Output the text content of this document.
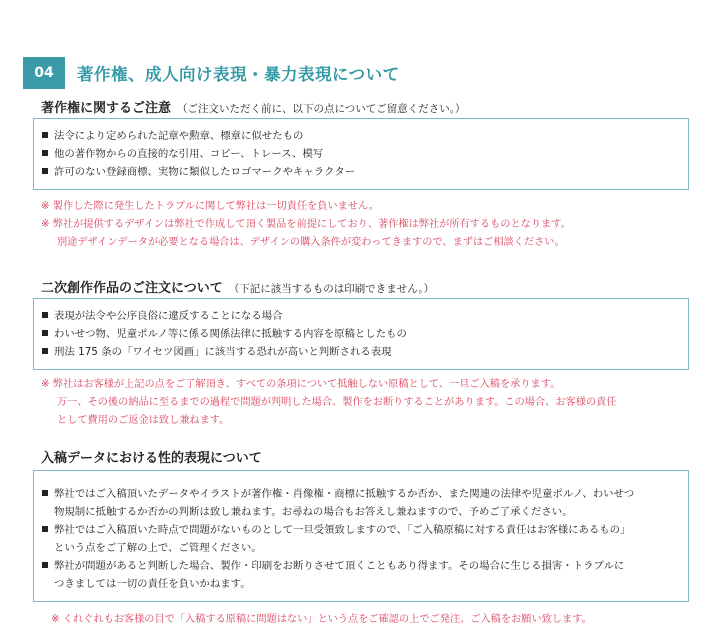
04	著作権、成人向け表現・暴力表現について
著作権に関するご注意 （ご注文いただく前に、以下の点についてご留意ください。）
法令により定められた記章や勲章、標章に似せたもの
他の著作物からの直接的な引用、コピー、トレース、模写
許可のない登録商標、実物に類似したロゴマークやキャラクター
※ 製作した際に発生したトラブルに関して弊社は一切責任を負いません。
※ 弊社が提供するデザインは弊社で作成して頂く製品を前提にしており、著作権は弊社が所有するものとなります。
別途デザインデータが必要となる場合は、デザインの購入条件が変わってきますので、まずはご相談ください。
二次創作作品のご注文について （下記に該当するものは印刷できません。）
表現が法令や公序良俗に違反することになる場合
わいせつ物、児童ポルノ等に係る関係法律に抵触する内容を原稿としたもの
刑法 175 条の「ワイセツ図画」に該当する恐れが高いと判断される表現
※ 弊社はお客様が上記の点をご了解頂き、すべての条項について抵触しない原稿として、一旦ご入稿を承ります。
万一、その後の納品に至るまでの過程で問題が判明した場合、製作をお断りすることがあります。この場合、お客様の責任
として費用のご返金は致し兼ねます。
入稿データにおける性的表現について
弊社ではご入稿頂いたデータやイラストが著作権・肖像権・商標に抵触するか否か、また関連の法律や児童ポルノ、わいせつ
物規制に抵触するか否かの判断は致し兼ねます。お尋ねの場合もお答えし兼ねますので、予めご了承ください。
弊社ではご入稿頂いた時点で問題がないものとして一旦受領致しますので、「ご入稿原稿に対する責任はお客様にあるもの」
という点をご了解の上で、ご管理ください。
弊社が問題があると判断した場合、製作・印刷をお断りさせて頂くこともあり得ます。その場合に生じる損害・トラブルに
つきましては一切の責任を負いかねます。
※ くれぐれもお客様の目で「入稿する原稿に問題はない」という点をご確認の上でご発注、ご入稿をお願い致します。
